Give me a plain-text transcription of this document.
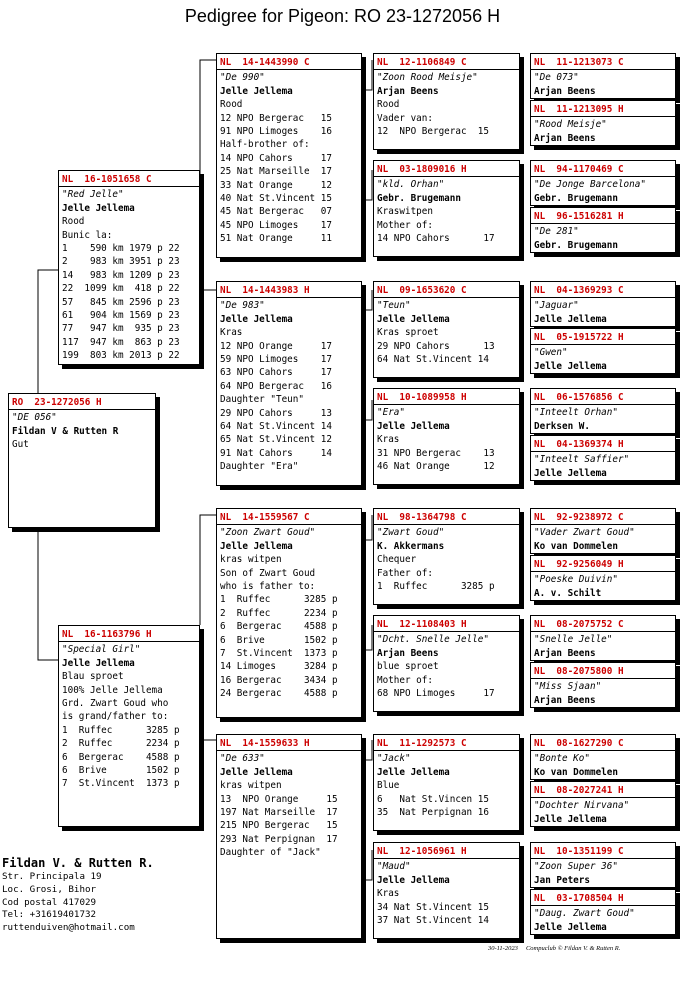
Pedigree for Pigeon: RO 23-1272056 H
RO  23-1272056 H
"DE 056"
Fildan V & Rutten R
Gut
NL  16-1051658 C
"Red Jelle"
Jelle Jellema
Rood
Bunic la:
1    590 km 1979 p 22
2    983 km 3951 p 23
14   983 km 1209 p 23
22  1099 km  418 p 22
57   845 km 2596 p 23
61   904 km 1569 p 23
77   947 km  935 p 23
117  947 km  863 p 23
199  803 km 2013 p 22
NL  16-1163796 H
"Special Girl"
Jelle Jellema
Blau sproet
100% Jelle Jellema
Grd. Zwart Goud who
is grand/father to:
1  Ruffec      3285 p
2  Ruffec      2234 p
6  Bergerac    4588 p
6  Brive       1502 p
7  St.Vincent  1373 p
NL  14-1443990 C
"De 990"
Jelle Jellema
Rood
12 NPO Bergerac   15
91 NPO Limoges    16
Half-brother of:
14 NPO Cahors     17
25 Nat Marseille  17
33 Nat Orange     12
40 Nat St.Vincent 15
45 Nat Bergerac   07
45 NPO Limoges    17
51 Nat Orange     11
NL  14-1443983 H
"De 983"
Jelle Jellema
Kras
12 NPO Orange     17
59 NPO Limoges    17
63 NPO Cahors     17
64 NPO Bergerac   16
Daughter "Teun"
29 NPO Cahors     13
64 Nat St.Vincent 14
65 Nat St.Vincent 12
91 Nat Cahors     14
Daughter "Era"
NL  14-1559567 C
"Zoon Zwart Goud"
Jelle Jellema
kras witpen
Son of Zwart Goud
who is father to:
1  Ruffec      3285 p
2  Ruffec      2234 p
6  Bergerac    4588 p
6  Brive       1502 p
7  St.Vincent  1373 p
14 Limoges     3284 p
16 Bergerac    3434 p
24 Bergerac    4588 p
NL  14-1559633 H
"De 633"
Jelle Jellema
kras witpen
13  NPO Orange     15
197 Nat Marseille  17
215 NPO Bergerac   15
293 Nat Perpignan  17
Daughter of "Jack"
NL  12-1106849 C
"Zoon Rood Meisje"
Arjan Beens
Rood
Vader van:
12  NPO Bergerac  15
NL  03-1809016 H
"kld. Orhan"
Gebr. Brugemann
Kraswitpen
Mother of:
14 NPO Cahors      17
NL  09-1653620 C
"Teun"
Jelle Jellema
Kras sproet
29 NPO Cahors      13
64 Nat St.Vincent 14
NL  10-1089958 H
"Era"
Jelle Jellema
Kras
31 NPO Bergerac    13
46 Nat Orange      12
NL  98-1364798 C
"Zwart Goud"
K. Akkermans
Chequer
Father of:
1  Ruffec      3285 p
NL  12-1108403 H
"Dcht. Snelle Jelle"
Arjan Beens
blue sproet
Mother of:
68 NPO Limoges     17
NL  11-1292573 C
"Jack"
Jelle Jellema
Blue
6   Nat St.Vincen 15
35  Nat Perpignan 16
NL  12-1056961 H
"Maud"
Jelle Jellema
Kras
34 Nat St.Vincent 15
37 Nat St.Vincent 14
NL  11-1213073 C
"De 073"
Arjan Beens
NL  11-1213095 H
"Rood Meisje"
Arjan Beens
NL  94-1170469 C
"De Jonge Barcelona"
Gebr. Brugemann
NL  96-1516281 H
"De 281"
Gebr. Brugemann
NL  04-1369293 C
"Jaguar"
Jelle Jellema
NL  05-1915722 H
"Gwen"
Jelle Jellema
NL  06-1576856 C
"Inteelt Orhan"
Derksen W.
NL  04-1369374 H
"Inteelt Saffier"
Jelle Jellema
NL  92-9238972 C
"Vader Zwart Goud"
Ko van Dommelen
NL  92-9256049 H
"Poeske Duivin"
A. v. Schilt
NL  08-2075752 C
"Snelle Jelle"
Arjan Beens
NL  08-2075800 H
"Miss Sjaan"
Arjan Beens
NL  08-1627290 C
"Bonte Ko"
Ko van Dommelen
NL  08-2027241 H
"Dochter Nirvana"
Jelle Jellema
NL  10-1351199 C
"Zoon Super 36"
Jan Peters
NL  03-1708504 H
"Daug. Zwart Goud"
Jelle Jellema
Fildan V. & Rutten R.
Str. Principala 19
Loc. Grosi, Bihor
Cod postal 417029
Tel: +31619401732
ruttenduiven@hotmail.com
30-11-2023     Compuclub © Fildan V. & Rutten R.
